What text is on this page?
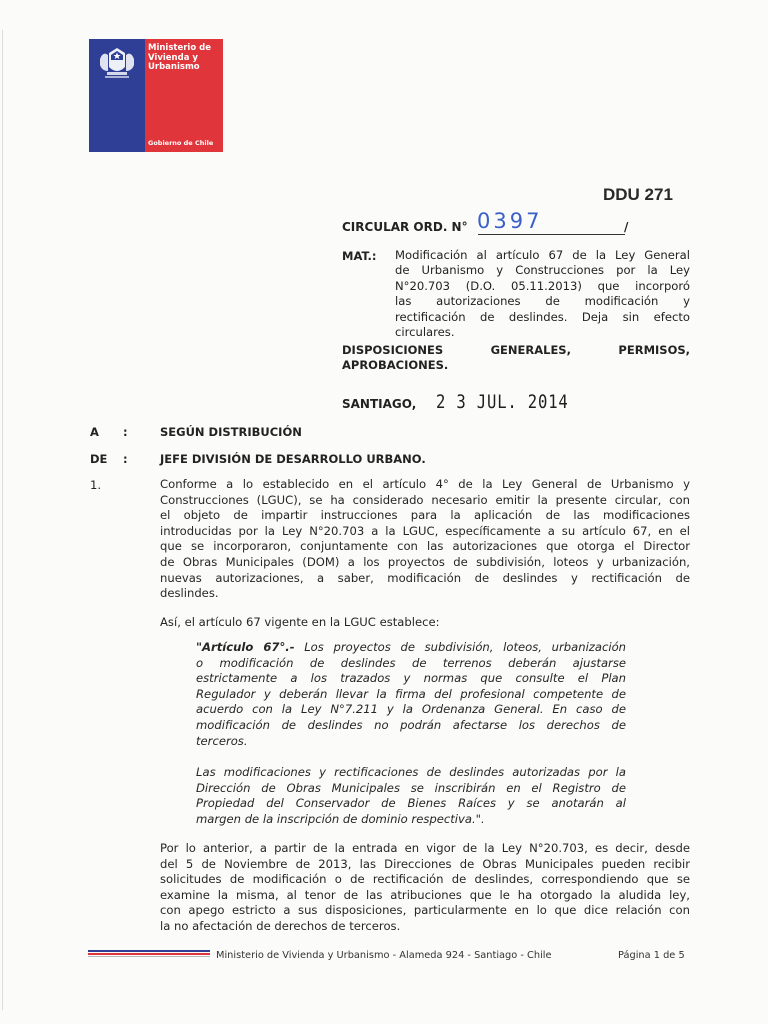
Ministerio de
Vivienda y
Urbanismo
Gobierno de Chile
DDU 271
CIRCULAR ORD. N° 0397	/
MAT.: Modificación al artículo 67 de la Ley General
de Urbanismo y Construcciones por la Ley
N°20.703 (D.O. 05.11.2013) que incorporó
las autorizaciones de modificación y
rectificación de deslindes. Deja sin efecto
circulares.
DISPOSICIONES GENERALES, PERMISOS,
APROBACIONES.
SANTIAGO, 2 3 JUL. 2014
A :	SEGÚN DISTRIBUCIÓN
DE :	JEFE DIVISIÓN DE DESARROLLO URBANO.
1.	Conforme a lo establecido en el artículo 4° de la Ley General de Urbanismo y
Construcciones (LGUC), se ha considerado necesario emitir la presente circular, con
el objeto de impartir instrucciones para la aplicación de las modificaciones
introducidas por la Ley N°20.703 a la LGUC, específicamente a su artículo 67, en el
que se incorporaron, conjuntamente con las autorizaciones que otorga el Director
de Obras Municipales (DOM) a los proyectos de subdivisión, loteos y urbanización,
nuevas autorizaciones, a saber, modificación de deslindes y rectificación de
deslindes.
Así, el artículo 67 vigente en la LGUC establece:
"Artículo 67°.- Los proyectos de subdivisión, loteos, urbanización
o modificación de deslindes de terrenos deberán ajustarse
estrictamente a los trazados y normas que consulte el Plan
Regulador y deberán llevar la firma del profesional competente de
acuerdo con la Ley N°7.211 y la Ordenanza General. En caso de
modificación de deslindes no podrán afectarse los derechos de
terceros.
Las modificaciones y rectificaciones de deslindes autorizadas por la
Dirección de Obras Municipales se inscribirán en el Registro de
Propiedad del Conservador de Bienes Raíces y se anotarán al
margen de la inscripción de dominio respectiva.".
Por lo anterior, a partir de la entrada en vigor de la Ley N°20.703, es decir, desde
del 5 de Noviembre de 2013, las Direcciones de Obras Municipales pueden recibir
solicitudes de modificación o de rectificación de deslindes, correspondiendo que se
examine la misma, al tenor de las atribuciones que le ha otorgado la aludida ley,
con apego estricto a sus disposiciones, particularmente en lo que dice relación con
la no afectación de derechos de terceros.
Ministerio de Vivienda y Urbanismo - Alameda 924 - Santiago - Chile	Página 1 de 5
